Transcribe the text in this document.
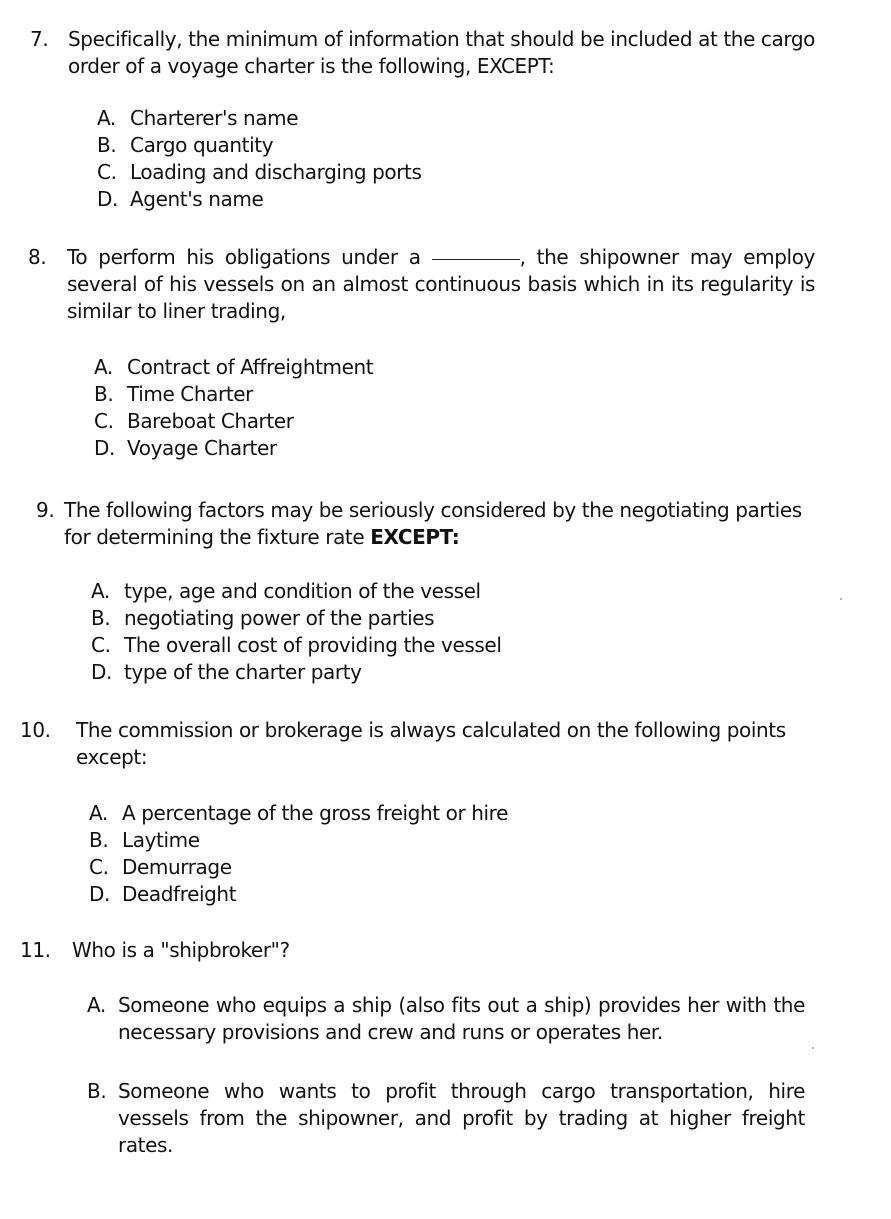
7. Specifically, the minimum of information that should be included at the cargo order of a voyage charter is the following, EXCEPT:
A. Charterer's name
B. Cargo quantity
C. Loading and discharging ports
D. Agent's name
8. To perform his obligations under a	, the shipowner may employ several of his vessels on an almost continuous basis which in its regularity is similar to liner trading,
A. Contract of Affreightment
B. Time Charter
C. Bareboat Charter
D. Voyage Charter
9. The following factors may be seriously considered by the negotiating parties for determining the fixture rate EXCEPT:
A. type, age and condition of the vessel
B. negotiating power of the parties
C. The overall cost of providing the vessel
D. type of the charter party
10. The commission or brokerage is always calculated on the following points except:
A. A percentage of the gross freight or hire
B. Laytime
C. Demurrage
D. Deadfreight
11. Who is a "shipbroker"?
A. Someone who equips a ship (also fits out a ship) provides her with the necessary provisions and crew and runs or operates her.
B. Someone who wants to profit through cargo transportation, hire vessels from the shipowner, and profit by trading at higher freight rates.
